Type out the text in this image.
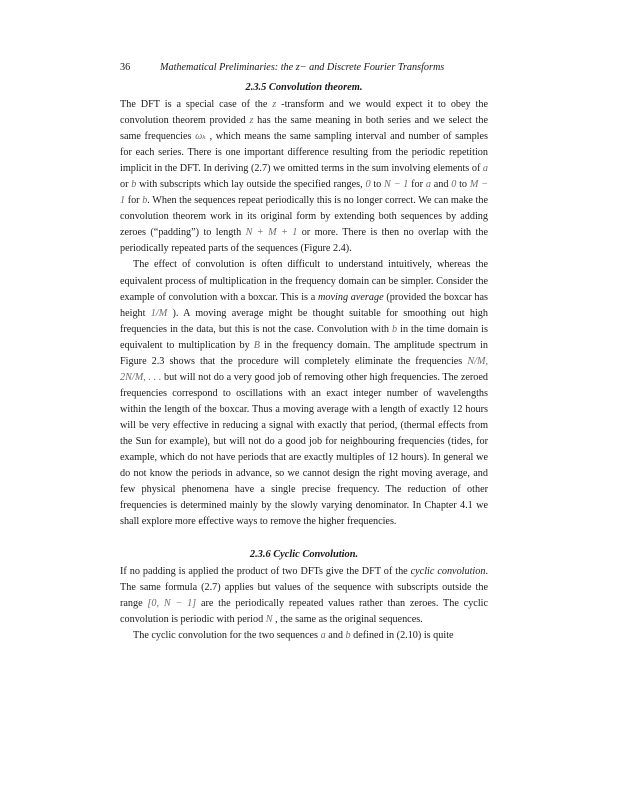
36	Mathematical Preliminaries: the z− and Discrete Fourier Transforms
2.3.5 Convolution theorem.

The DFT is a special case of the z -transform and we would expect it to obey the convolution theorem provided z has the same meaning in both series and we select the same frequencies ωₖ , which means the same sampling interval and number of samples for each series. There is one important difference resulting from the periodic repetition implicit in the DFT. In deriving (2.7) we omitted terms in the sum involving elements of a or b with subscripts which lay outside the specified ranges, 0 to N − 1 for a and 0 to M − 1 for b. When the sequences repeat periodically this is no longer correct. We can make the convolution theorem work in its original form by extending both sequences by adding zeroes (“padding”) to length N + M + 1 or more. There is then no overlap with the periodically repeated parts of the sequences (Figure 2.4).

The effect of convolution is often difficult to understand intuitively, whereas the equivalent process of multiplication in the frequency domain can be simpler. Consider the example of convolution with a boxcar. This is a moving average (provided the boxcar has height 1/M ). A moving average might be thought suitable for smoothing out high frequencies in the data, but this is not the case. Convolution with b in the time domain is equivalent to multiplication by B in the frequency domain. The amplitude spectrum in Figure 2.3 shows that the procedure will completely eliminate the frequencies N/M, 2N/M, . . . but will not do a very good job of removing other high frequencies. The zeroed frequencies correspond to oscillations with an exact integer number of wavelengths within the length of the boxcar. Thus a moving average with a length of exactly 12 hours will be very effective in reducing a signal with exactly that period, (thermal effects from the Sun for example), but will not do a good job for neighbouring frequencies (tides, for example, which do not have periods that are exactly multiples of 12 hours). In general we do not know the periods in advance, so we cannot design the right moving average, and few physical phenomena have a single precise frequency. The reduction of other frequencies is determined mainly by the slowly varying denominator. In Chapter 4.1 we shall explore more effective ways to remove the higher frequencies.

2.3.6 Cyclic Convolution.

If no padding is applied the product of two DFTs give the DFT of the cyclic convolution. The same formula (2.7) applies but values of the sequence with subscripts outside the range [0, N − 1] are the periodically repeated values rather than zeroes. The cyclic convolution is periodic with period N , the same as the original sequences.

The cyclic convolution for the two sequences a and b defined in (2.10) is quite
